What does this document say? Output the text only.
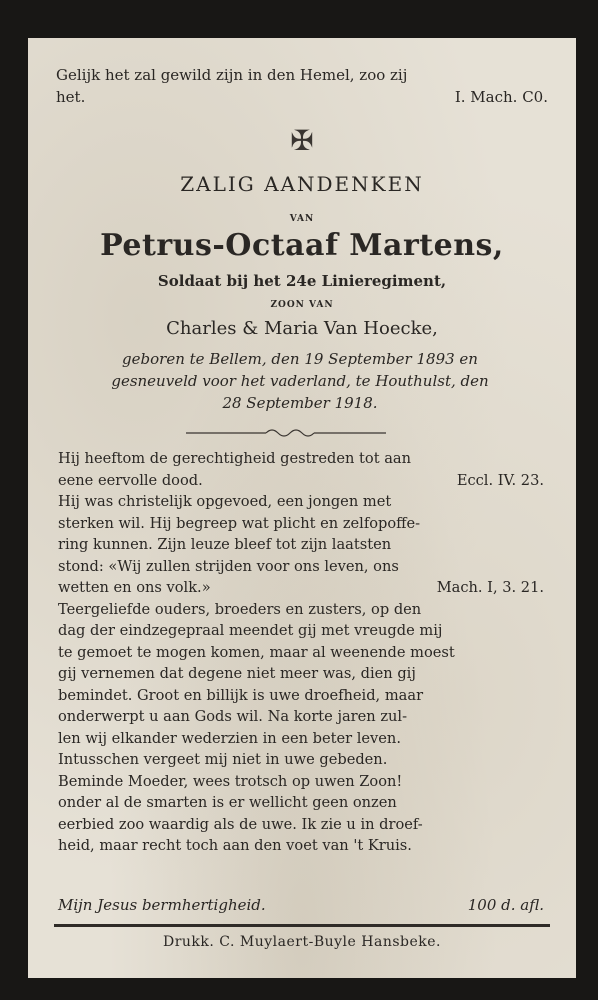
Gelijk het zal gewild zijn in den Hemel, zoo zij
het.	I. Mach. C0.
✠
ZALIG AANDENKEN
VAN
Petrus-Octaaf Martens,
Soldaat bij het 24e Linieregiment,
ZOON VAN
Charles & Maria Van Hoecke,
geboren te Bellem, den 19 September 1893 en
gesneuveld voor het vaderland, te Houthulst, den
28 September 1918.
Hij heeftom de gerechtigheid gestreden tot aan
eene eervolle dood.	Eccl. IV. 23.
Hij was christelijk opgevoed, een jongen met
sterken wil. Hij begreep wat plicht en zelfopoffe-
ring kunnen. Zijn leuze bleef tot zijn laatsten
stond: «Wij zullen strijden voor ons leven, ons
wetten en ons volk.»	Mach. I, 3. 21.
Teergeliefde ouders, broeders en zusters, op den
dag der eindzegepraal meendet gij met vreugde mij
te gemoet te mogen komen, maar al weenende moest
gij vernemen dat degene niet meer was, dien gij
bemindet. Groot en billijk is uwe droefheid, maar
onderwerpt u aan Gods wil. Na korte jaren zul-
len wij elkander wederzien in een beter leven.
Intusschen vergeet mij niet in uwe gebeden.
Beminde Moeder, wees trotsch op uwen Zoon!
onder al de smarten is er wellicht geen onzen
eerbied zoo waardig als de uwe. Ik zie u in droef-
heid, maar recht toch aan den voet van 't Kruis.
Mijn Jesus bermhertigheid.	100 d. afl.
Drukk. C. Muylaert-Buyle Hansbeke.
